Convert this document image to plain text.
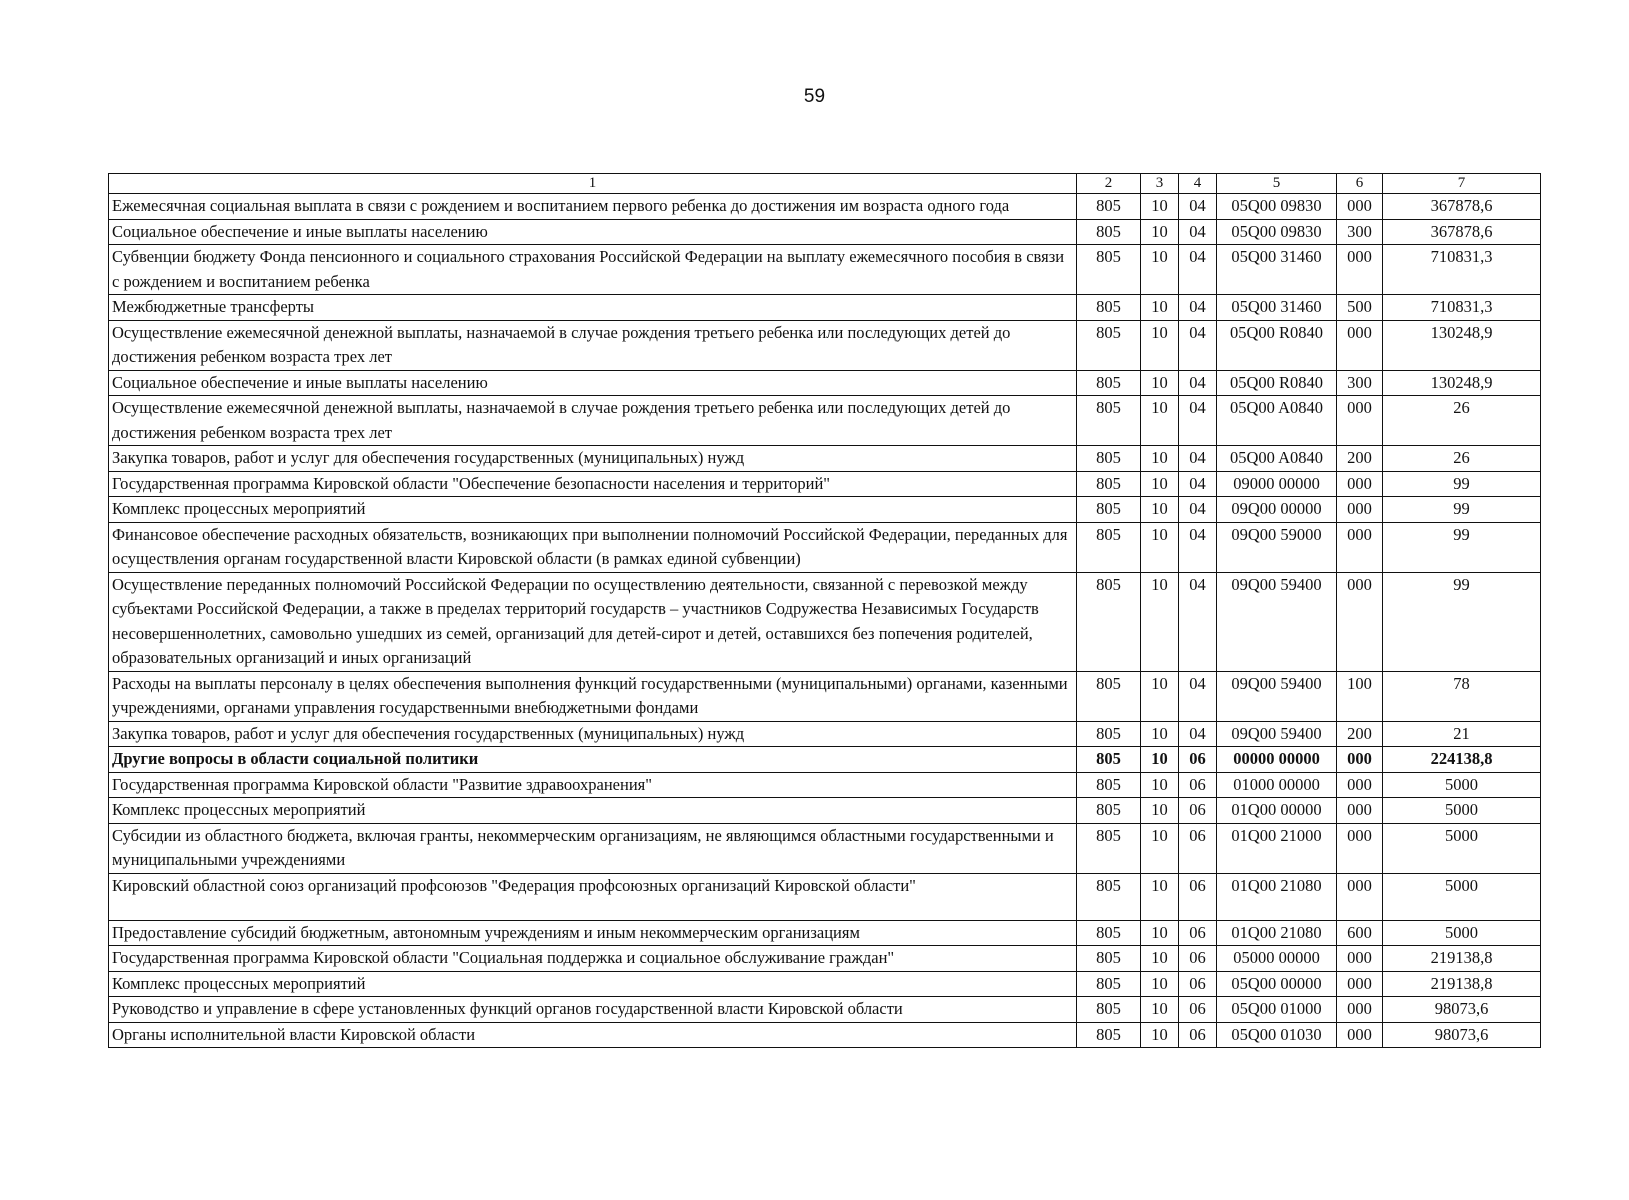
59
1	2	3	4	5	6	7
Ежемесячная социальная выплата в связи с рождением и воспитанием первого ребенка до достижения им возраста одного года	805	10	04	05Q00 09830	000	367878,6
Социальное обеспечение и иные выплаты населению	805	10	04	05Q00 09830	300	367878,6
Субвенции бюджету Фонда пенсионного и социального страхования Российской Федерации на выплату ежемесячного пособия в связи с рождением и воспитанием ребенка	805	10	04	05Q00 31460	000	710831,3
Межбюджетные трансферты	805	10	04	05Q00 31460	500	710831,3
Осуществление ежемесячной денежной выплаты, назначаемой в случае рождения третьего ребенка или последующих детей до достижения ребенком возраста трех лет	805	10	04	05Q00 R0840	000	130248,9
Социальное обеспечение и иные выплаты населению	805	10	04	05Q00 R0840	300	130248,9
Осуществление ежемесячной денежной выплаты, назначаемой в случае рождения третьего ребенка или последующих детей до достижения ребенком возраста трех лет	805	10	04	05Q00 A0840	000	26
Закупка товаров, работ и услуг для обеспечения государственных (муниципальных) нужд	805	10	04	05Q00 A0840	200	26
Государственная программа Кировской области "Обеспечение безопасности населения и территорий"	805	10	04	09000 00000	000	99
Комплекс процессных мероприятий	805	10	04	09Q00 00000	000	99
Финансовое обеспечение расходных обязательств, возникающих при выполнении полномочий Российской Федерации, переданных для осуществления органам государственной власти Кировской области (в рамках единой субвенции)	805	10	04	09Q00 59000	000	99
Осуществление переданных полномочий Российской Федерации по осуществлению деятельности, связанной с перевозкой между субъектами Российской Федерации, а также в пределах территорий государств – участников Содружества Независимых Государств несовершеннолетних, самовольно ушедших из семей, организаций для детей-сирот и детей, оставшихся без попечения родителей, образовательных организаций и иных организаций	805	10	04	09Q00 59400	000	99
Расходы на выплаты персоналу в целях обеспечения выполнения функций государственными (муниципальными) органами, казенными учреждениями, органами управления государственными внебюджетными фондами	805	10	04	09Q00 59400	100	78
Закупка товаров, работ и услуг для обеспечения государственных (муниципальных) нужд	805	10	04	09Q00 59400	200	21
Другие вопросы в области социальной политики	805	10	06	00000 00000	000	224138,8
Государственная программа Кировской области "Развитие здравоохранения"	805	10	06	01000 00000	000	5000
Комплекс процессных мероприятий	805	10	06	01Q00 00000	000	5000
Субсидии из областного бюджета, включая гранты, некоммерческим организациям, не являющимся областными государственными и муниципальными учреждениями	805	10	06	01Q00 21000	000	5000
Кировский областной союз организаций профсоюзов "Федерация профсоюзных организаций Кировской области"	805	10	06	01Q00 21080	000	5000
Предоставление субсидий бюджетным, автономным учреждениям и иным некоммерческим организациям	805	10	06	01Q00 21080	600	5000
Государственная программа Кировской области "Социальная поддержка и социальное обслуживание граждан"	805	10	06	05000 00000	000	219138,8
Комплекс процессных мероприятий	805	10	06	05Q00 00000	000	219138,8
Руководство и управление в сфере установленных функций органов государственной власти Кировской области	805	10	06	05Q00 01000	000	98073,6
Органы исполнительной власти Кировской области	805	10	06	05Q00 01030	000	98073,6
